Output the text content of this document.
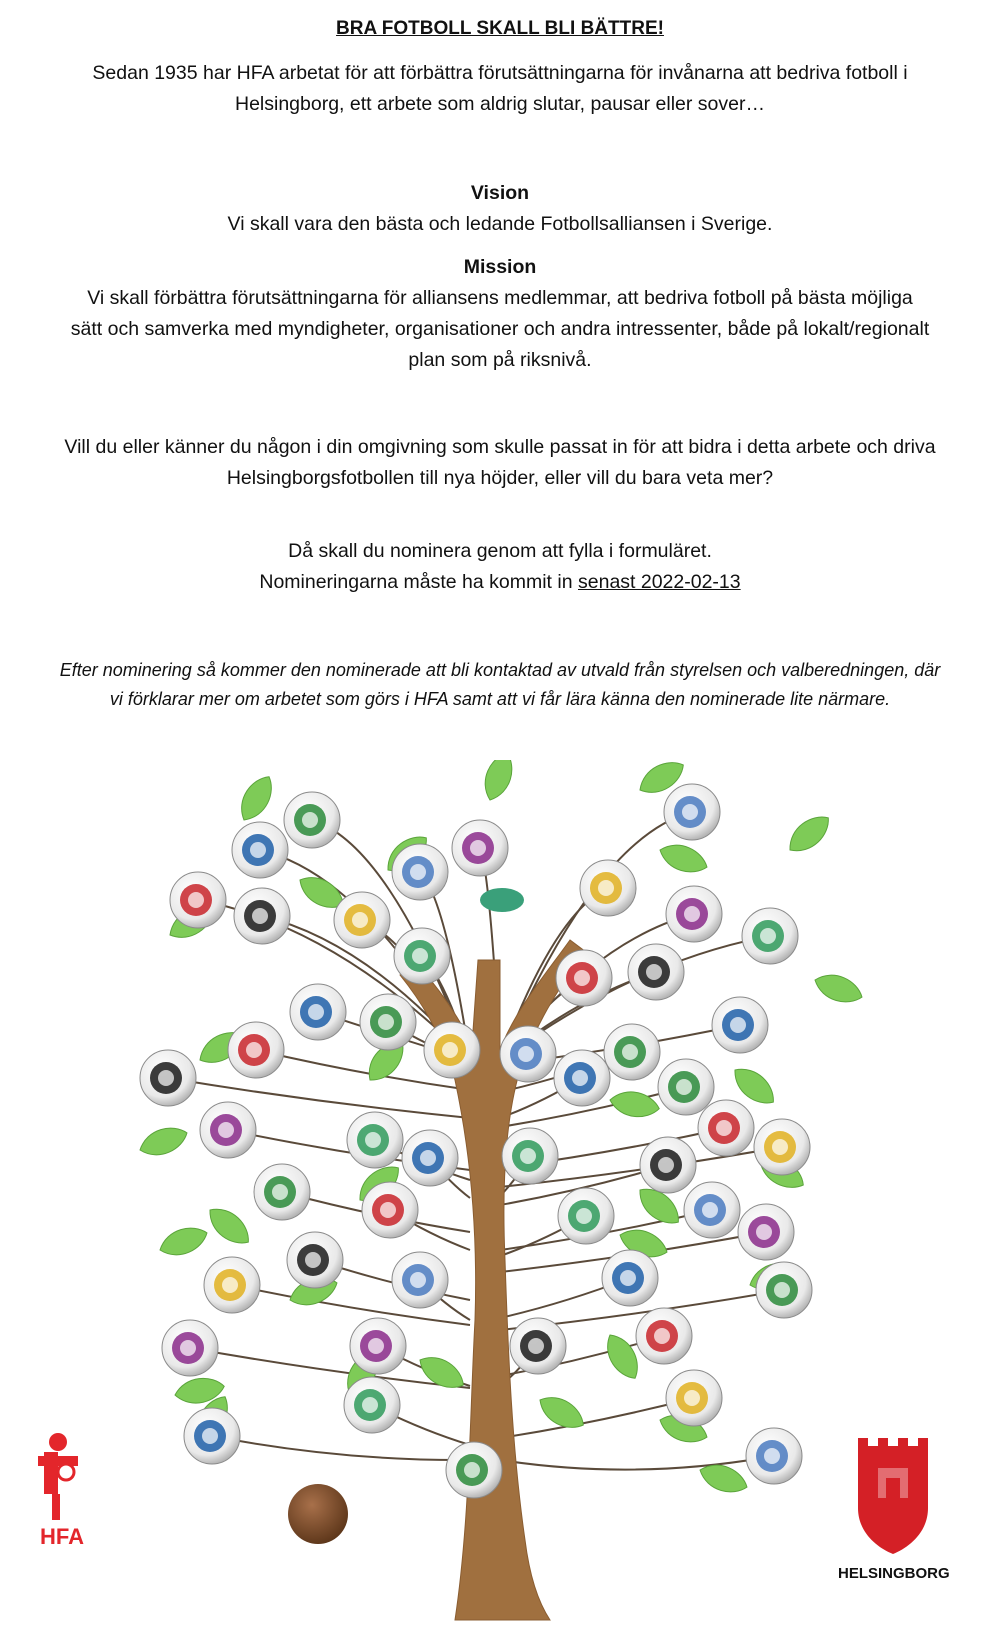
BRA FOTBOLL SKALL BLI BÄTTRE!
Sedan 1935 har HFA arbetat för att förbättra förutsättningarna för invånarna att bedriva fotboll i
Helsingborg, ett arbete som aldrig slutar, pausar eller sover…
Vision
Vi skall vara den bästa och ledande Fotbollsalliansen i Sverige.
Mission
Vi skall förbättra förutsättningarna för alliansens medlemmar, att bedriva fotboll på bästa möjliga
sätt och samverka med myndigheter, organisationer och andra intressenter, både på lokalt/regionalt
plan som på riksnivå.
Vill du eller känner du någon i din omgivning som skulle passat in för att bidra i detta arbete och driva
Helsingborgsfotbollen till nya höjder, eller vill du bara veta mer?
Då skall du nominera genom att fylla i formuläret.
Nomineringarna måste ha kommit in senast 2022-02-13
Efter nominering så kommer den nominerade att bli kontaktad av utvald från styrelsen och valberedningen, där
vi förklarar mer om arbetet som görs i HFA samt att vi får lära känna den nominerade lite närmare.
HFA
HELSINGBORG
